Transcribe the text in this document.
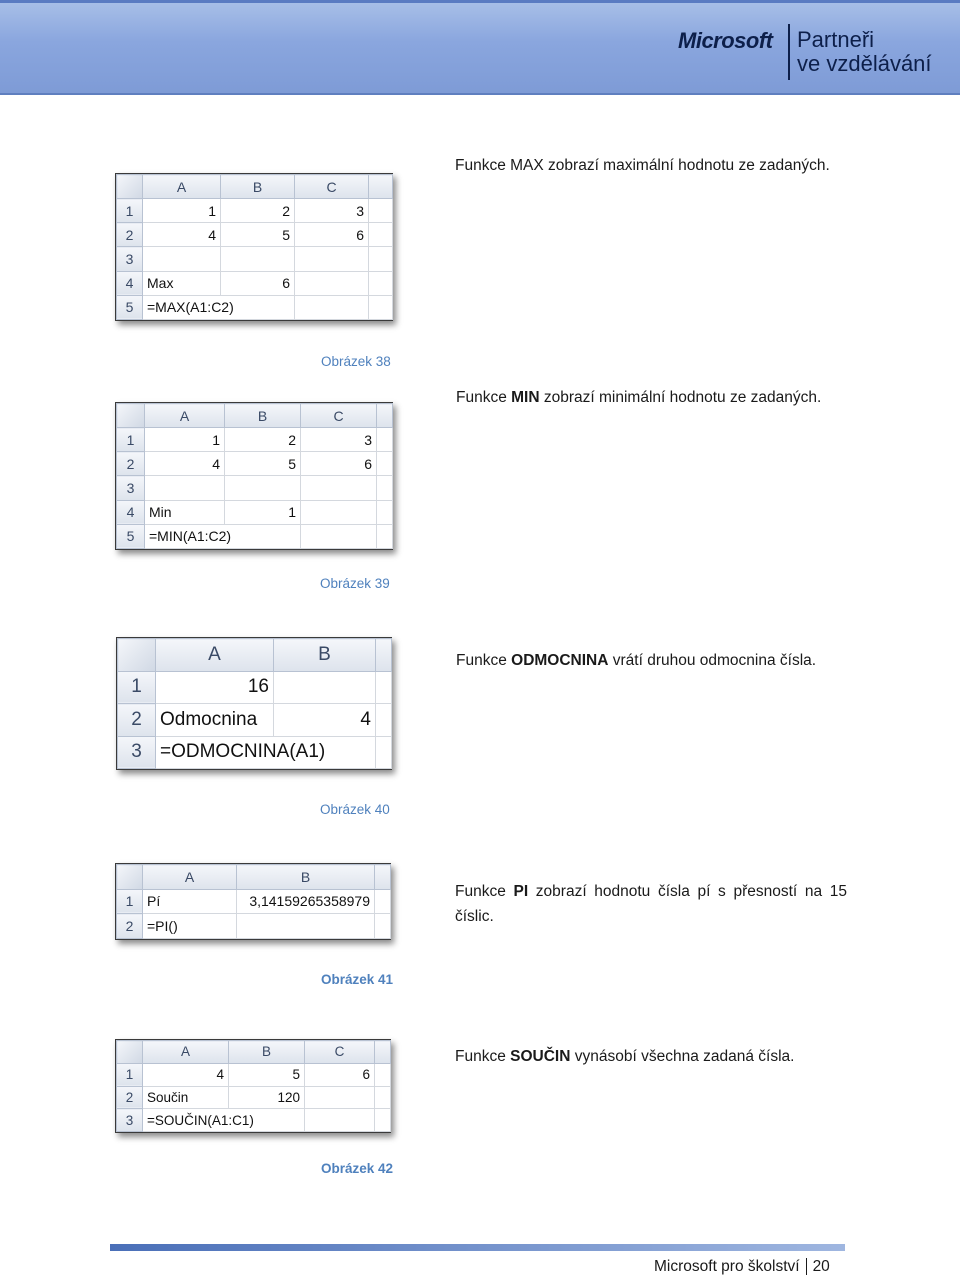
Microsoft Partneři
ve vzdělávání
Funkce MAX zobrazí maximální hodnotu ze zadaných.
	A	B	C	
1	1	2	3	
2	4	5	6	
3				
4	Max	6		
5	=MAX(A1:C2)			
Obrázek 38
Funkce MIN zobrazí minimální hodnotu ze zadaných.
	A	B	C	
1	1	2	3	
2	4	5	6	
3				
4	Min	1		
5	=MIN(A1:C2)			
Obrázek 39
Funkce ODMOCNINA vrátí druhou odmocnina čísla.
	A	B	
1	16		
2	Odmocnina	4	
3	=ODMOCNINA(A1)		
Obrázek 40
Funkce PI zobrazí hodnotu čísla pí s přesností na 15 číslic.
	A	B	
1	Pí	3,14159265358979	
2	=PI()		
Obrázek 41
Funkce SOUČIN vynásobí všechna zadaná čísla.
	A	B	C	
1	4	5	6	
2	Součin	120		
3	=SOUČIN(A1:C1)			
Obrázek 42
Microsoft pro školství 20
